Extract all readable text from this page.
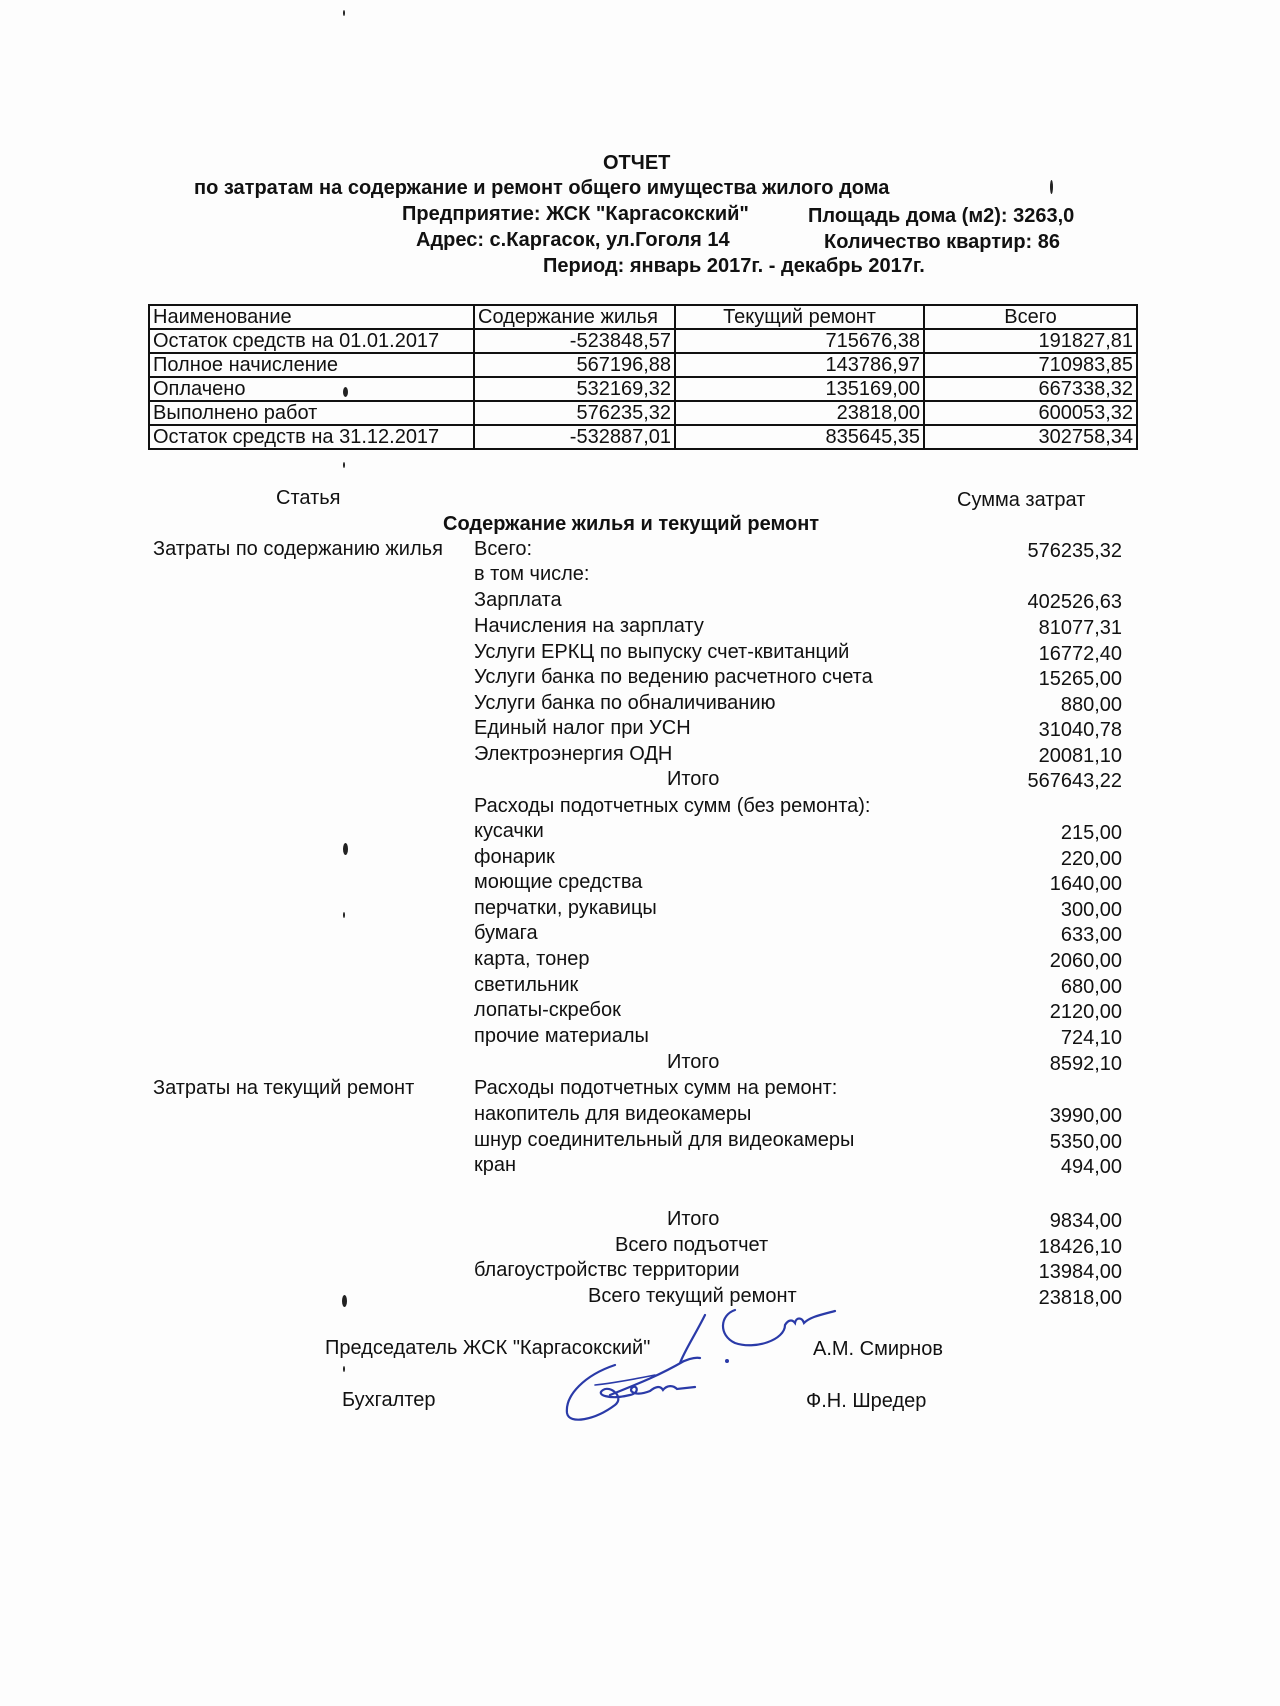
ОТЧЕТ
по затратам на содержание и ремонт общего имущества жилого дома
Предприятие: ЖСК "Каргасокский"	Площадь дома (м2): 3263,0
Адрес: с.Каргасок, ул.Гоголя 14	Количество квартир: 86
Период: январь 2017г. - декабрь 2017г.
Наименование	Содержание жилья	Текущий ремонт	Всего
Остаток средств на 01.01.2017	-523848,57	715676,38	191827,81
Полное начисление	567196,88	143786,97	710983,85
Оплачено	532169,32	135169,00	667338,32
Выполнено работ	576235,32	23818,00	600053,32
Остаток средств на 31.12.2017	-532887,01	835645,35	302758,34
Статья	Сумма затрат
Содержание жилья и текущий ремонт
Затраты по содержанию жилья Всего:	576235,32
в том числе:
Зарплата	402526,63
Начисления на зарплату	81077,31
Услуги ЕРКЦ по выпуску счет-квитанций	16772,40
Услуги банка по ведению расчетного счета	15265,00
Услуги банка по обналичиванию	880,00
Единый налог при УСН	31040,78
Электроэнергия ОДН	20081,10
Итого	567643,22
Расходы подотчетных сумм (без ремонта):
кусачки	215,00
фонарик	220,00
моющие средства	1640,00
перчатки, рукавицы	300,00
бумага	633,00
карта, тонер	2060,00
светильник	680,00
лопаты-скребок	2120,00
прочие материалы	724,10
Итого	8592,10
Затраты на текущий ремонт	Расходы подотчетных сумм на ремонт:
накопитель для видеокамеры	3990,00
шнур соединительный для видеокамеры	5350,00
кран	494,00
Итого	9834,00
Всего подъотчет	18426,10
благоустройствс территории	13984,00
Всего текущий ремонт	23818,00
Председатель ЖСК "Каргасокский"	А.М. Смирнов
Бухгалтер	Ф.Н. Шредер
